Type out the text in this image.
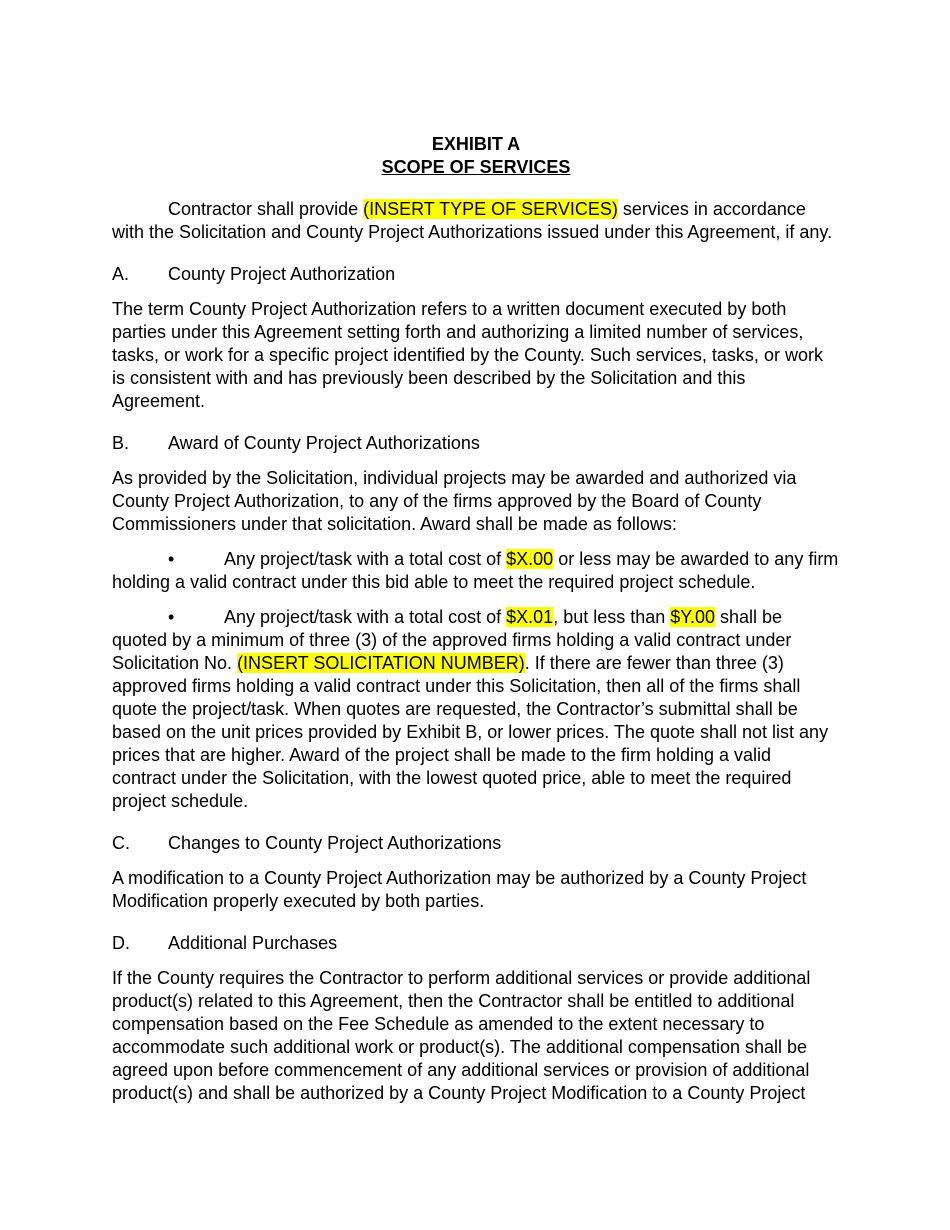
EXHIBIT A
SCOPE OF SERVICES

Contractor shall provide (INSERT TYPE OF SERVICES) services in accordance with the Solicitation and County Project Authorizations issued under this Agreement, if any.

A.	County Project Authorization

The term County Project Authorization refers to a written document executed by both parties under this Agreement setting forth and authorizing a limited number of services, tasks, or work for a specific project identified by the County. Such services, tasks, or work is consistent with and has previously been described by the Solicitation and this Agreement.

B.	Award of County Project Authorizations

As provided by the Solicitation, individual projects may be awarded and authorized via County Project Authorization, to any of the firms approved by the Board of County Commissioners under that solicitation. Award shall be made as follows:

•	Any project/task with a total cost of $X.00 or less may be awarded to any firm holding a valid contract under this bid able to meet the required project schedule.

•	Any project/task with a total cost of $X.01, but less than $Y.00 shall be quoted by a minimum of three (3) of the approved firms holding a valid contract under Solicitation No. (INSERT SOLICITATION NUMBER). If there are fewer than three (3) approved firms holding a valid contract under this Solicitation, then all of the firms shall quote the project/task. When quotes are requested, the Contractor’s submittal shall be based on the unit prices provided by Exhibit B, or lower prices. The quote shall not list any prices that are higher. Award of the project shall be made to the firm holding a valid contract under the Solicitation, with the lowest quoted price, able to meet the required project schedule.

C.	Changes to County Project Authorizations

A modification to a County Project Authorization may be authorized by a County Project Modification properly executed by both parties.

D.	Additional Purchases

If the County requires the Contractor to perform additional services or provide additional product(s) related to this Agreement, then the Contractor shall be entitled to additional compensation based on the Fee Schedule as amended to the extent necessary to accommodate such additional work or product(s). The additional compensation shall be agreed upon before commencement of any additional services or provision of additional product(s) and shall be authorized by a County Project Modification to a County Project
